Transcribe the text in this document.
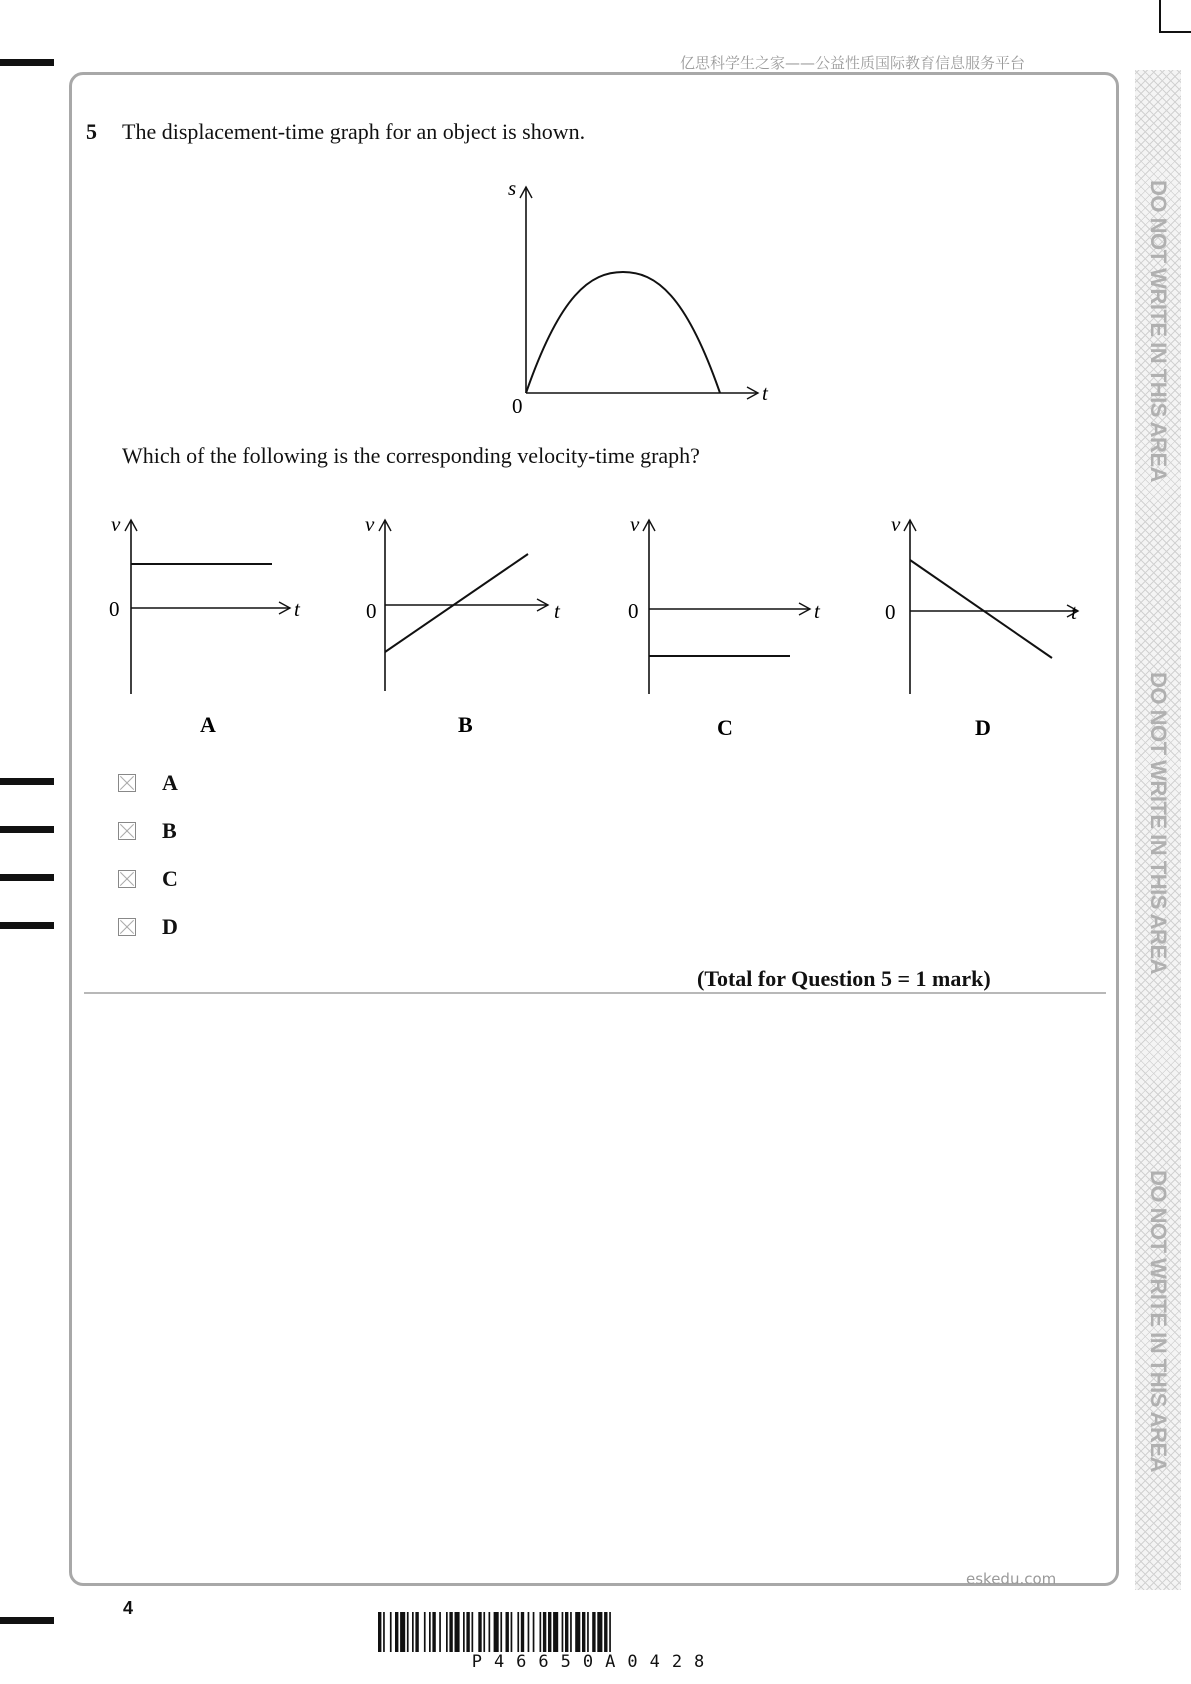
亿思科学生之家——公益性质国际教育信息服务平台
DO NOT WRITE IN THIS AREA
DO NOT WRITE IN THIS AREA
DO NOT WRITE IN THIS AREA
5 The displacement-time graph for an object is shown.
s
t
0
Which of the following is the corresponding velocity-time graph?
v
t
0
A
v
t
0
B
v
t
0
C
v
t
0
D
A
B
C
D
(Total for Question 5 = 1 mark)
eskedu.com
4
P46650A0428
